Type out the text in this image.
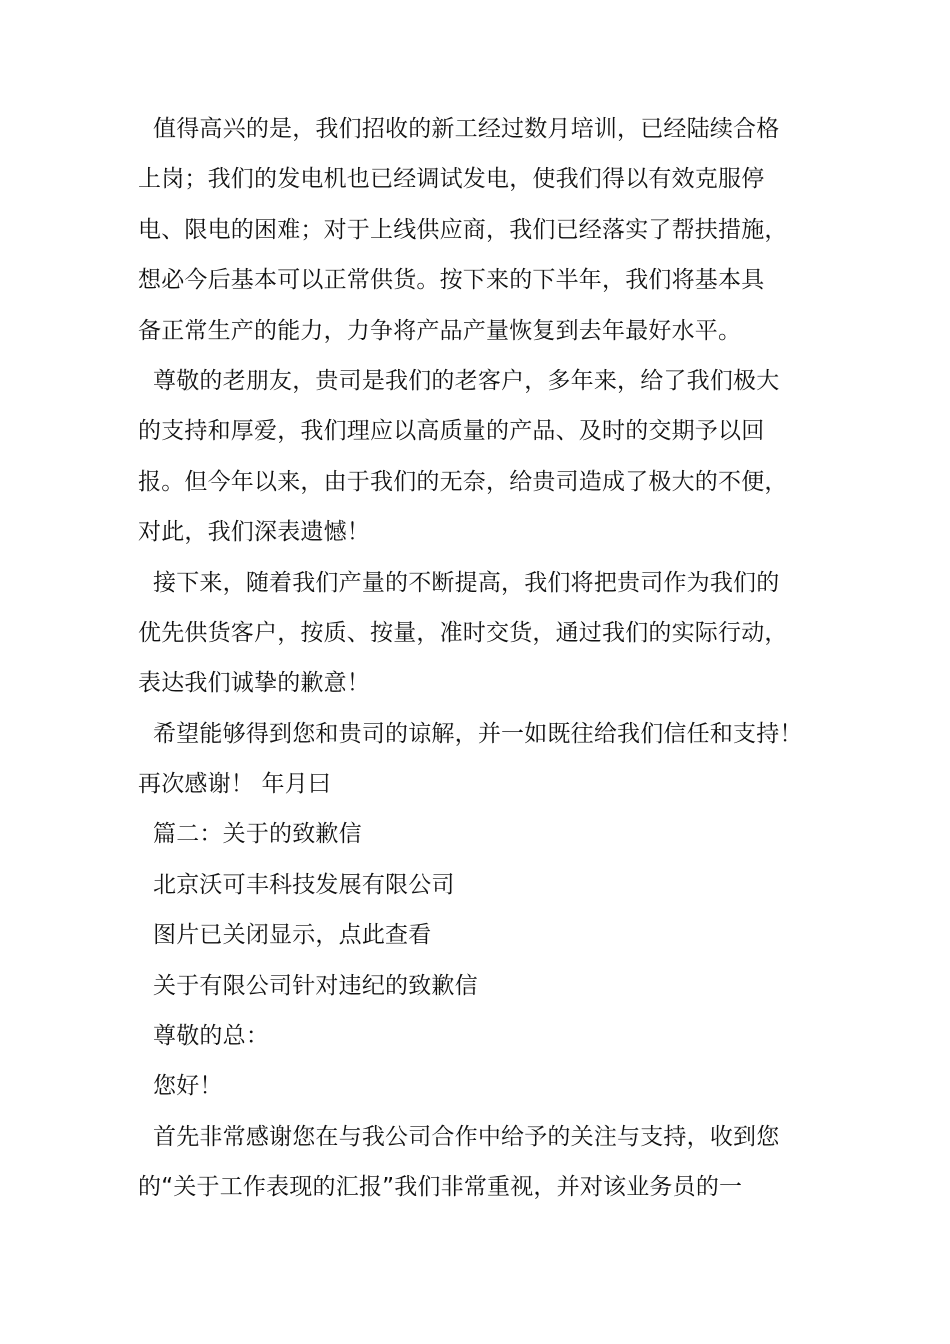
值得高兴的是，我们招收的新工经过数月培训，已经陆续合格
上岗；我们的发电机也已经调试发电，使我们得以有效克服停
电、限电的困难；对于上线供应商，我们已经落实了帮扶措施，
想必今后基本可以正常供货。按下来的下半年，我们将基本具
备正常生产的能力，力争将产品产量恢复到去年最好水平。
尊敬的老朋友，贵司是我们的老客户，多年来，给了我们极大
的支持和厚爱，我们理应以高质量的产品、及时的交期予以回
报。但今年以来，由于我们的无奈，给贵司造成了极大的不便，
对此，我们深表遗憾！
接下来，随着我们产量的不断提高，我们将把贵司作为我们的
优先供货客户，按质、按量，准时交货，通过我们的实际行动，
表达我们诚挚的歉意！
希望能够得到您和贵司的谅解，并一如既往给我们信任和支持！
再次感谢！ 年月曰
篇二：关于的致歉信
北京沃可丰科技发展有限公司
图片已关闭显示，点此查看
关于有限公司针对违纪的致歉信
尊敬的总：
您好！
首先非常感谢您在与我公司合作中给予的关注与支持，收到您
的“关于工作表现的汇报”我们非常重视，并对该业务员的一
